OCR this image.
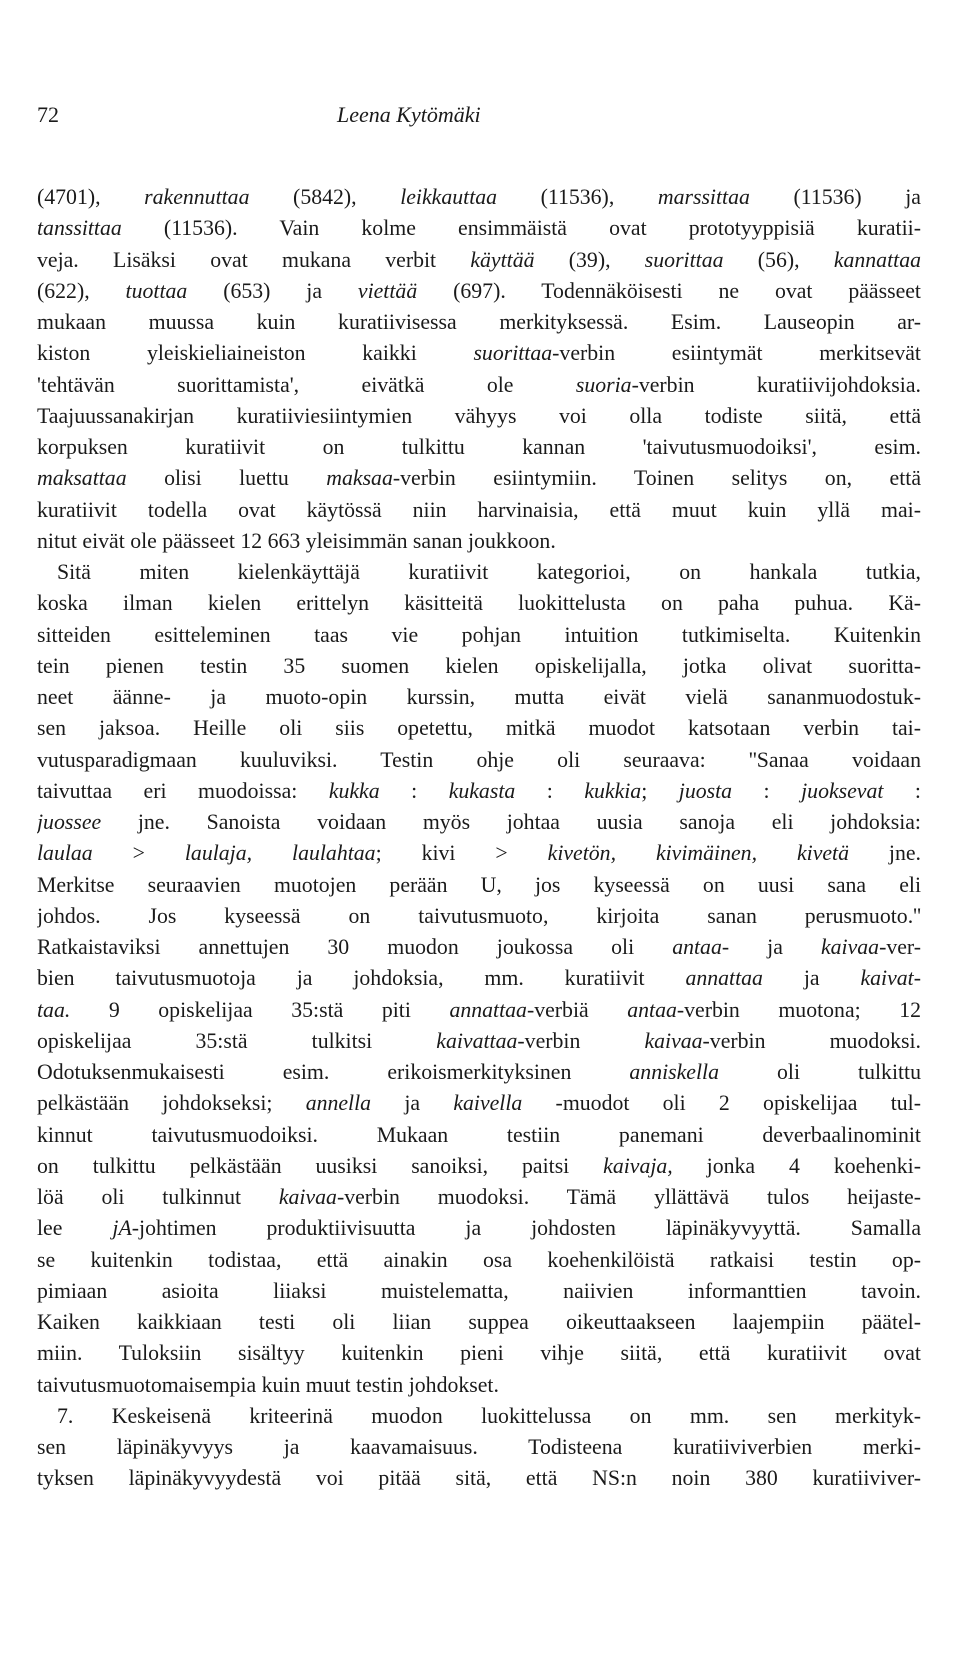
72	Leena Kytömäki
(4701), rakennuttaa (5842), leikkauttaa (11536), marssittaa (11536) ja
tanssittaa (11536). Vain kolme ensimmäistä ovat prototyyppisiä kuratii-
veja. Lisäksi ovat mukana verbit käyttää (39), suorittaa (56), kannattaa
(622), tuottaa (653) ja viettää (697). Todennäköisesti ne ovat päässeet
mukaan muussa kuin kuratiivisessa merkityksessä. Esim. Lauseopin ar-
kiston yleiskieliaineiston kaikki suorittaa-verbin esiintymät merkitsevät
'tehtävän suorittamista', eivätkä ole suoria-verbin kuratiivijohdoksia.
Taajuussanakirjan kuratiiviesiintymien vähyys voi olla todiste siitä, että
korpuksen kuratiivit on tulkittu kannan 'taivutusmuodoiksi', esim.
maksattaa olisi luettu maksaa-verbin esiintymiin. Toinen selitys on, että
kuratiivit todella ovat käytössä niin harvinaisia, että muut kuin yllä mai-
nitut eivät ole päässeet 12 663 yleisimmän sanan joukkoon.
Sitä miten kielenkäyttäjä kuratiivit kategorioi, on hankala tutkia,
koska ilman kielen erittelyn käsitteitä luokittelusta on paha puhua. Kä-
sitteiden esitteleminen taas vie pohjan intuition tutkimiselta. Kuitenkin
tein pienen testin 35 suomen kielen opiskelijalla, jotka olivat suoritta-
neet äänne- ja muoto-opin kurssin, mutta eivät vielä sananmuodostuk-
sen jaksoa. Heille oli siis opetettu, mitkä muodot katsotaan verbin tai-
vutusparadigmaan kuuluviksi. Testin ohje oli seuraava: ''Sanaa voidaan
taivuttaa eri muodoissa: kukka : kukasta : kukkia; juosta : juoksevat :
juossee jne. Sanoista voidaan myös johtaa uusia sanoja eli johdoksia:
laulaa > laulaja, laulahtaa; kivi > kivetön, kivimäinen, kivetä jne.
Merkitse seuraavien muotojen perään U, jos kyseessä on uusi sana eli
johdos. Jos kyseessä on taivutusmuoto, kirjoita sanan perusmuoto.''
Ratkaistaviksi annettujen 30 muodon joukossa oli antaa- ja kaivaa-ver-
bien taivutusmuotoja ja johdoksia, mm. kuratiivit annattaa ja kaivat-
taa. 9 opiskelijaa 35:stä piti annattaa-verbiä antaa-verbin muotona; 12
opiskelijaa 35:stä tulkitsi kaivattaa-verbin kaivaa-verbin muodoksi.
Odotuksenmukaisesti esim. erikoismerkityksinen anniskella oli tulkittu
pelkästään johdokseksi; annella ja kaivella -muodot oli 2 opiskelijaa tul-
kinnut taivutusmuodoiksi. Mukaan testiin panemani deverbaalinominit
on tulkittu pelkästään uusiksi sanoiksi, paitsi kaivaja, jonka 4 koehenki-
löä oli tulkinnut kaivaa-verbin muodoksi. Tämä yllättävä tulos heijaste-
lee jA-johtimen produktiivisuutta ja johdosten läpinäkyvyyttä. Samalla
se kuitenkin todistaa, että ainakin osa koehenkilöistä ratkaisi testin op-
pimiaan asioita liiaksi muistelematta, naiivien informanttien tavoin.
Kaiken kaikkiaan testi oli liian suppea oikeuttaakseen laajempiin päätel-
miin. Tuloksiin sisältyy kuitenkin pieni vihje siitä, että kuratiivit ovat
taivutusmuotomaisempia kuin muut testin johdokset.
7. Keskeisenä kriteerinä muodon luokittelussa on mm. sen merkityk-
sen läpinäkyvyys ja kaavamaisuus. Todisteena kuratiiviverbien merki-
tyksen läpinäkyvyydestä voi pitää sitä, että NS:n noin 380 kuratiiviver-
